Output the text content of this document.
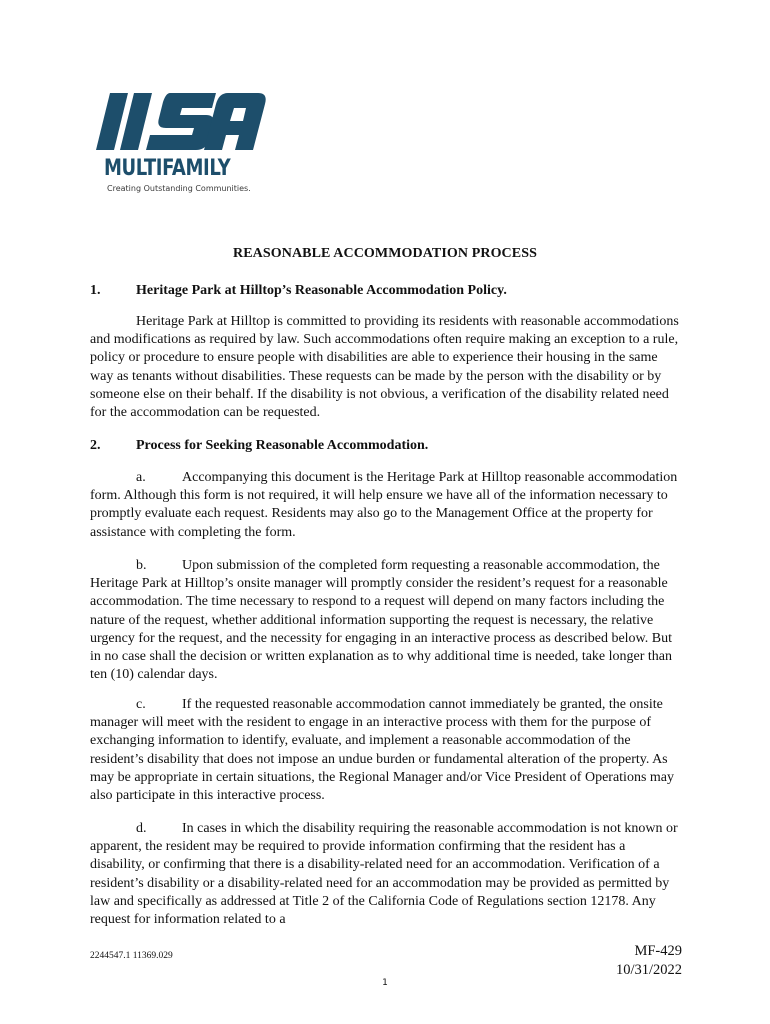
MULTIFAMILY
Creating Outstanding Communities.
REASONABLE ACCOMMODATION PROCESS
1.	Heritage Park at Hilltop’s Reasonable Accommodation Policy.
Heritage Park at Hilltop is committed to providing its residents with reasonable accommodations and modifications as required by law. Such accommodations often require making an exception to a rule, policy or procedure to ensure people with disabilities are able to experience their housing in the same way as tenants without disabilities. These requests can be made by the person with the disability or by someone else on their behalf. If the disability is not obvious, a verification of the disability related need for the accommodation can be requested.
2.	Process for Seeking Reasonable Accommodation.
a.	Accompanying this document is the Heritage Park at Hilltop reasonable accommodation form. Although this form is not required, it will help ensure we have all of the information necessary to promptly evaluate each request. Residents may also go to the Management Office at the property for assistance with completing the form.
b.	Upon submission of the completed form requesting a reasonable accommodation, the Heritage Park at Hilltop’s onsite manager will promptly consider the resident’s request for a reasonable accommodation. The time necessary to respond to a request will depend on many factors including the nature of the request, whether additional information supporting the request is necessary, the relative urgency for the request, and the necessity for engaging in an interactive process as described below. But in no case shall the decision or written explanation as to why additional time is needed, take longer than ten (10) calendar days.
c.	If the requested reasonable accommodation cannot immediately be granted, the onsite manager will meet with the resident to engage in an interactive process with them for the purpose of exchanging information to identify, evaluate, and implement a reasonable accommodation of the resident’s disability that does not impose an undue burden or fundamental alteration of the property. As may be appropriate in certain situations, the Regional Manager and/or Vice President of Operations may also participate in this interactive process.
d.	In cases in which the disability requiring the reasonable accommodation is not known or apparent, the resident may be required to provide information confirming that the resident has a disability, or confirming that there is a disability-related need for an accommodation. Verification of a resident’s disability or a disability-related need for an accommodation may be provided as permitted by law and specifically as addressed at Title 2 of the California Code of Regulations section 12178. Any request for information related to a
2244547.1 11369.029	MF-429
10/31/2022
1
